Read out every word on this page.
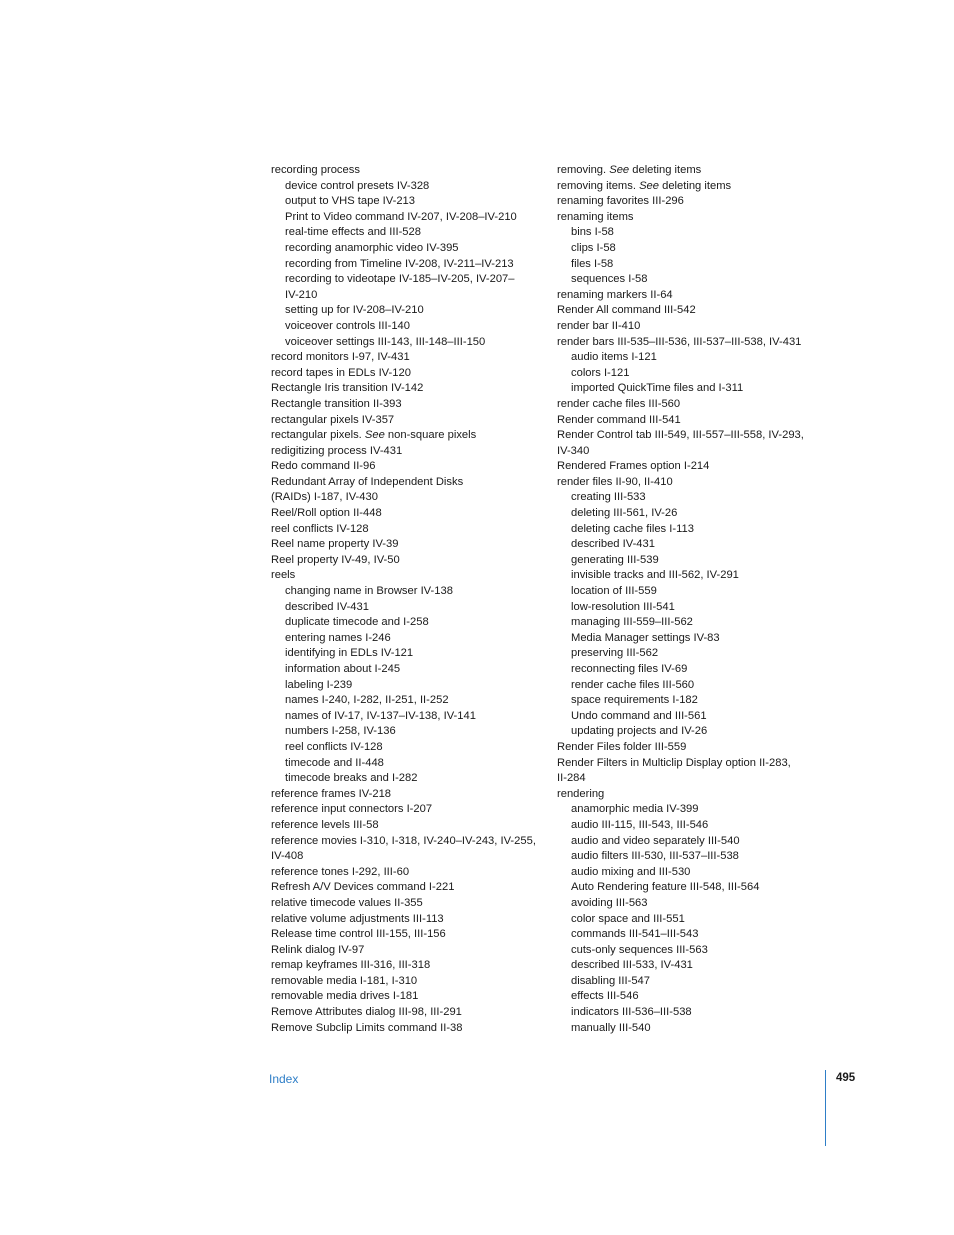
recording process
device control presets IV-328
output to VHS tape IV-213
Print to Video command IV-207, IV-208–IV-210
real-time effects and III-528
recording anamorphic video IV-395
recording from Timeline IV-208, IV-211–IV-213
recording to videotape IV-185–IV-205, IV-207–
IV-210
setting up for IV-208–IV-210
voiceover controls III-140
voiceover settings III-143, III-148–III-150
record monitors I-97, IV-431
record tapes in EDLs IV-120
Rectangle Iris transition IV-142
Rectangle transition II-393
rectangular pixels IV-357
rectangular pixels. See non-square pixels
redigitizing process IV-431
Redo command II-96
Redundant Array of Independent Disks
(RAIDs) I-187, IV-430
Reel/Roll option II-448
reel conflicts IV-128
Reel name property IV-39
Reel property IV-49, IV-50
reels
changing name in Browser IV-138
described IV-431
duplicate timecode and I-258
entering names I-246
identifying in EDLs IV-121
information about I-245
labeling I-239
names I-240, I-282, II-251, II-252
names of IV-17, IV-137–IV-138, IV-141
numbers I-258, IV-136
reel conflicts IV-128
timecode and II-448
timecode breaks and I-282
reference frames IV-218
reference input connectors I-207
reference levels III-58
reference movies I-310, I-318, IV-240–IV-243, IV-255,
IV-408
reference tones I-292, III-60
Refresh A/V Devices command I-221
relative timecode values II-355
relative volume adjustments III-113
Release time control III-155, III-156
Relink dialog IV-97
remap keyframes III-316, III-318
removable media I-181, I-310
removable media drives I-181
Remove Attributes dialog III-98, III-291
Remove Subclip Limits command II-38
removing. See deleting items
removing items. See deleting items
renaming favorites III-296
renaming items
bins I-58
clips I-58
files I-58
sequences I-58
renaming markers II-64
Render All command III-542
render bar II-410
render bars III-535–III-536, III-537–III-538, IV-431
audio items I-121
colors I-121
imported QuickTime files and I-311
render cache files III-560
Render command III-541
Render Control tab III-549, III-557–III-558, IV-293,
IV-340
Rendered Frames option I-214
render files II-90, II-410
creating III-533
deleting III-561, IV-26
deleting cache files I-113
described IV-431
generating III-539
invisible tracks and III-562, IV-291
location of III-559
low-resolution III-541
managing III-559–III-562
Media Manager settings IV-83
preserving III-562
reconnecting files IV-69
render cache files III-560
space requirements I-182
Undo command and III-561
updating projects and IV-26
Render Files folder III-559
Render Filters in Multiclip Display option II-283,
II-284
rendering
anamorphic media IV-399
audio III-115, III-543, III-546
audio and video separately III-540
audio filters III-530, III-537–III-538
audio mixing and III-530
Auto Rendering feature III-548, III-564
avoiding III-563
color space and III-551
commands III-541–III-543
cuts-only sequences III-563
described III-533, IV-431
disabling III-547
effects III-546
indicators III-536–III-538
manually III-540
Index	495
